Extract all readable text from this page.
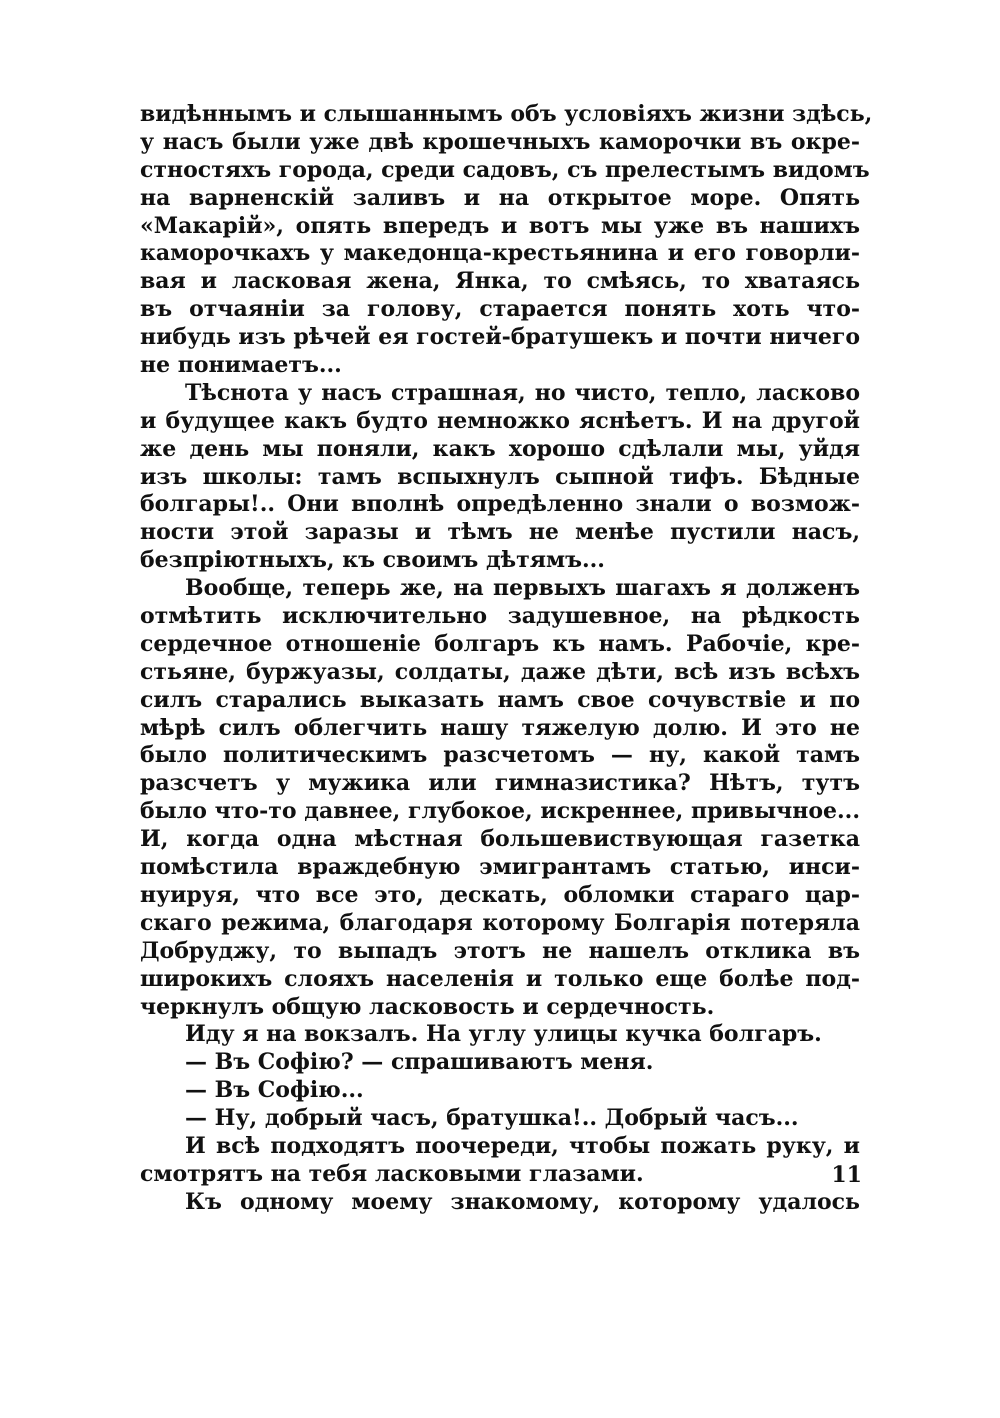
видѣннымъ и слышаннымъ объ условіяхъ жизни здѣсь,
у насъ были уже двѣ крошечныхъ каморочки въ окре-
стностяхъ города, среди садовъ, съ прелестымъ видомъ
на варненскій заливъ и на открытое море. Опять
«Макарій», опять впередъ и вотъ мы уже въ нашихъ
каморочкахъ у македонца-крестьянина и его говорли-
вая и ласковая жена, Янка, то смѣясь, то хватаясь
въ отчаяніи за голову, старается понять хоть что-
нибудь изъ рѣчей ея гостей-братушекъ и почти ничего
не понимаетъ...
Тѣснота у насъ страшная, но чисто, тепло, ласково
и будущее какъ будто немножко яснѣетъ. И на другой
же день мы поняли, какъ хорошо сдѣлали мы, уйдя
изъ школы: тамъ вспыхнулъ сыпной тифъ. Бѣдные
болгары!.. Они вполнѣ опредѣленно знали о возмож-
ности этой заразы и тѣмъ не менѣе пустили насъ,
безпріютныхъ, къ своимъ дѣтямъ...
Вообще, теперь же, на первыхъ шагахъ я долженъ
отмѣтить исключительно задушевное, на рѣдкость
сердечное отношеніе болгаръ къ намъ. Рабочіе, кре-
стьяне, буржуазы, солдаты, даже дѣти, всѣ изъ всѣхъ
силъ старались выказать намъ свое сочувствіе и по
мѣрѣ силъ облегчить нашу тяжелую долю. И это не
было политическимъ разсчетомъ — ну, какой тамъ
разсчетъ у мужика или гимназистика? Нѣтъ, тутъ
было что-то давнее, глубокое, искреннее, привычное...
И, когда одна мѣстная большевиствующая газетка
помѣстила враждебную эмигрантамъ статью, инси-
нуируя, что все это, дескать, обломки стараго цар-
скаго режима, благодаря которому Болгарія потеряла
Добруджу, то выпадъ этотъ не нашелъ отклика въ
широкихъ слояхъ населенія и только еще болѣе под-
черкнулъ общую ласковость и сердечность.
Иду я на вокзалъ. На углу улицы кучка болгаръ.
— Въ Софію? — спрашиваютъ меня.
— Въ Софію...
— Ну, добрый часъ, братушка!.. Добрый часъ...
И всѣ подходятъ поочереди, чтобы пожать руку, и
смотрятъ на тебя ласковыми глазами.
Къ одному моему знакомому, которому удалось
11
